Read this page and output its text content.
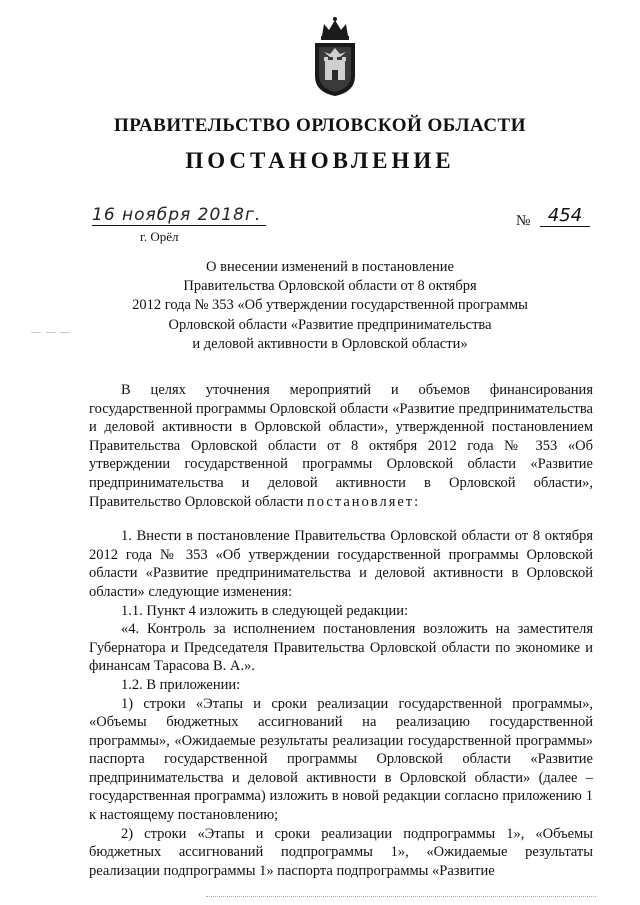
ПРАВИТЕЛЬСТВО ОРЛОВСКОЙ ОБЛАСТИ
ПОСТАНОВЛЕНИЕ
16 ноября 2018г.
г. Орёл
№ 454
— — —
О внесении изменений в постановление
Правительства Орловской области от 8 октября
2012 года № 353 «Об утверждении государственной программы
Орловской области «Развитие предпринимательства
и деловой активности в Орловской области»

В целях уточнения мероприятий и объемов финансирования государственной программы Орловской области «Развитие предпринимательства и деловой активности в Орловской области», утвержденной постановлением Правительства Орловской области от 8 октября 2012 года № 353 «Об утверждении государственной программы Орловской области «Развитие предпринимательства и деловой активности в Орловской области», Правительство Орловской области постановляет:

1. Внести в постановление Правительства Орловской области от 8 октября 2012 года № 353 «Об утверждении государственной программы Орловской области «Развитие предпринимательства и деловой активности в Орловской области» следующие изменения:

1.1. Пункт 4 изложить в следующей редакции:

«4. Контроль за исполнением постановления возложить на заместителя Губернатора и Председателя Правительства Орловской области по экономике и финансам Тарасова В. А.».

1.2. В приложении:

1) строки «Этапы и сроки реализации государственной программы», «Объемы бюджетных ассигнований на реализацию государственной программы», «Ожидаемые результаты реализации государственной программы» паспорта государственной программы Орловской области «Развитие предпринимательства и деловой активности в Орловской области» (далее – государственная программа) изложить в новой редакции согласно приложению 1 к настоящему постановлению;

2) строки «Этапы и сроки реализации подпрограммы 1», «Объемы бюджетных ассигнований подпрограммы 1», «Ожидаемые результаты реализации подпрограммы 1» паспорта подпрограммы «Развитие
